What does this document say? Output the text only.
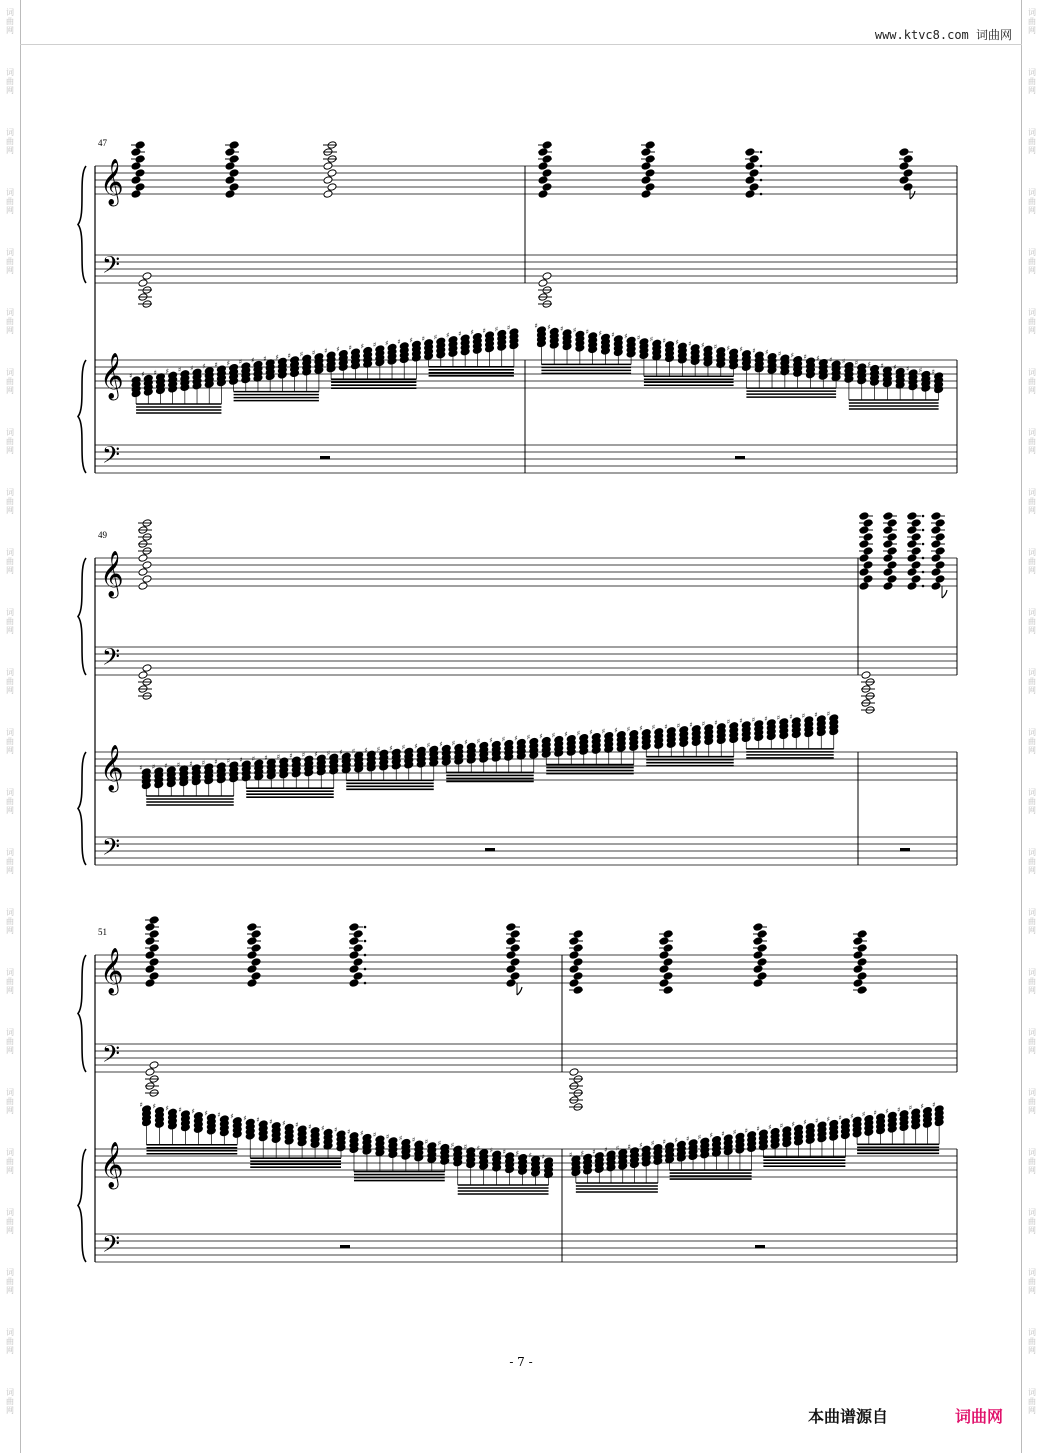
词
曲
网
词
曲
网
词
曲
网
词
曲
网
词
曲
网
词
曲
网
词
曲
网
词
曲
网
词
曲
网
词
曲
网
词
曲
网
词
曲
网
词
曲
网
词
曲
网
词
曲
网
词
曲
网
词
曲
网
词
曲
网
词
曲
网
词
曲
网
词
曲
网
词
曲
网
词
曲
网
词
曲
网
词
曲
网
词
曲
网
词
曲
网
词
曲
网
词
曲
网
词
曲
网
词
曲
网
词
曲
网
词
曲
网
词
曲
网
词
曲
网
词
曲
网
词
曲
网
词
曲
网
词
曲
网
词
曲
网
词
曲
网
词
曲
网
词
曲
网
词
曲
网
词
曲
网
词
曲
网
词
曲
网
词
曲
网
www.ktvc8.com 词曲网
𝄞
𝄢
𝄞
𝄢
47
♯ ♯ ♯ ♯ ♯ ♯ ♯ ♯ ♯ ♯ ♯ ♯ ♯ ♯ ♯ ♯ ♯ ♯ ♯ ♯ ♯ ♯ ♯ ♯ ♯ ♯ ♯ ♯ ♯ ♯ ♯ ♯	♯ ♯ ♯ ♯ ♯ ♯ ♯ ♯ ♯ ♯ ♯ ♯ ♯ ♯ ♯ ♯ ♯ ♯ ♯ ♯ ♯ ♯ ♯ ♯ ♯ ♯ ♯ ♯ ♯ ♯ ♯ ♯
𝄞
𝄢
𝄞
𝄢
49
♯ ♯ ♯ ♯ ♯ ♯ ♯ ♯ ♯ ♯ ♯ ♯ ♯ ♯ ♯ ♯ ♯ ♯ ♯ ♯ ♯ ♯ ♯ ♯ ♯ ♯ ♯ ♯ ♯ ♯ ♯ ♯ ♯ ♯ ♯ ♯ ♯ ♯ ♯ ♯ ♯ ♯ ♯ ♯ ♯ ♯ ♯ ♯ ♯ ♯ ♯ ♯ ♯ ♯ ♯ ♯
𝄞
𝄢
𝄞
𝄢
51
♯ ♯ ♯ ♯ ♯ ♯ ♯ ♯ ♯ ♯ ♯ ♯ ♯ ♯ ♯ ♯ ♯ ♯ ♯ ♯ ♯ ♯ ♯ ♯ ♯ ♯ ♯ ♯ ♯ ♯ ♯ ♯	♯ ♯ ♯ ♯ ♯ ♯ ♯ ♯ ♯ ♯ ♯ ♯ ♯ ♯ ♯ ♯ ♯ ♯ ♯ ♯ ♯ ♯ ♯ ♯ ♯ ♯ ♯ ♯ ♯ ♯ ♯ ♯
- 7 -
本曲谱源自	词曲网
